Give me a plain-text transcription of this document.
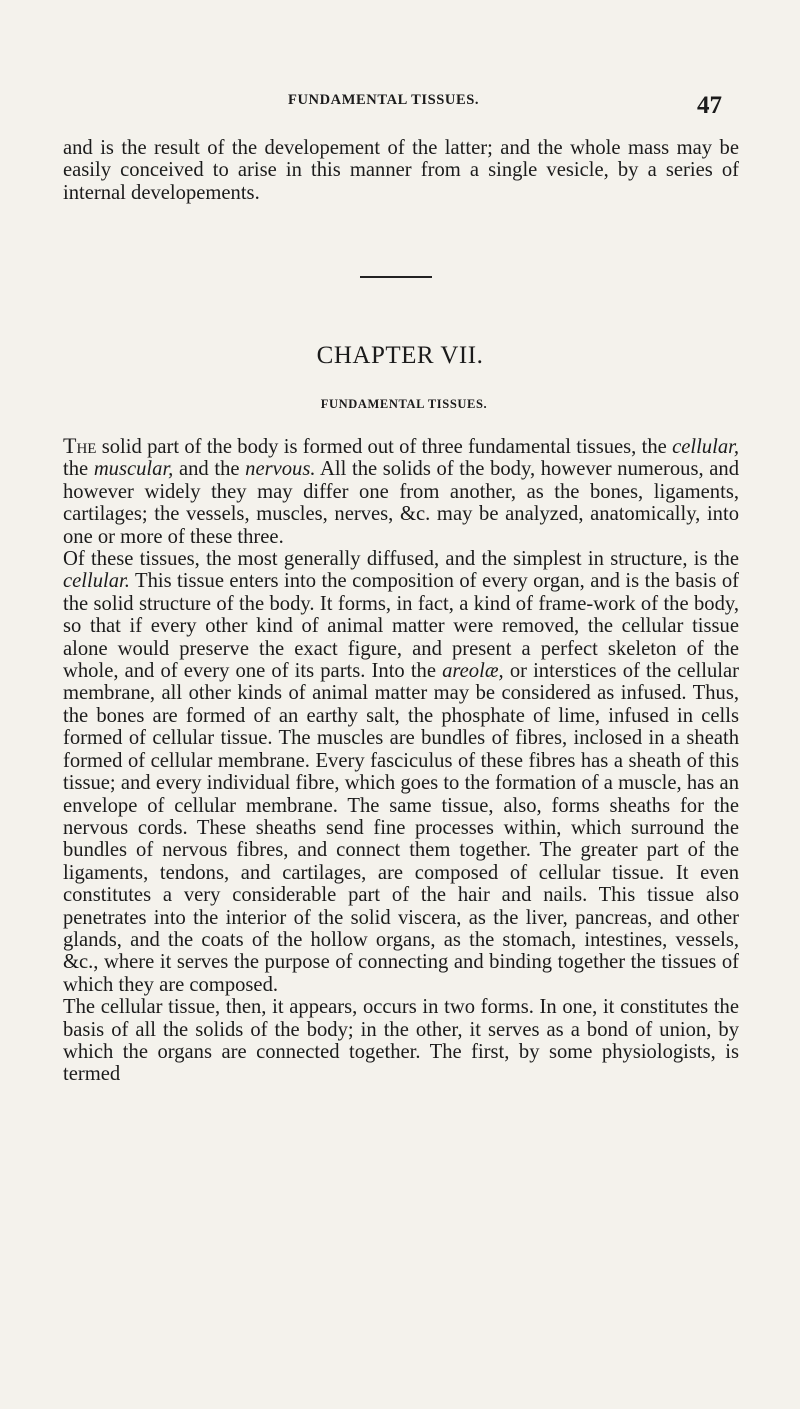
FUNDAMENTAL TISSUES.	47

and is the result of the developement of the latter; and the whole mass may be easily conceived to arise in this manner from a single vesicle, by a series of internal developements.

CHAPTER VII.
FUNDAMENTAL TISSUES.

The solid part of the body is formed out of three fundamental tissues, the cellular, the muscular, and the nervous. All the solids of the body, however numerous, and however widely they may differ one from another, as the bones, ligaments, cartilages; the vessels, muscles, nerves, &c. may be analyzed, anatomically, into one or more of these three.

Of these tissues, the most generally diffused, and the simplest in structure, is the cellular. This tissue enters into the composition of every organ, and is the basis of the solid structure of the body. It forms, in fact, a kind of frame-work of the body, so that if every other kind of animal matter were removed, the cellular tissue alone would preserve the exact figure, and present a perfect skeleton of the whole, and of every one of its parts. Into the areolæ, or interstices of the cellular membrane, all other kinds of animal matter may be considered as infused. Thus, the bones are formed of an earthy salt, the phosphate of lime, infused in cells formed of cellular tissue. The muscles are bundles of fibres, inclosed in a sheath formed of cellular membrane. Every fasciculus of these fibres has a sheath of this tissue; and every individual fibre, which goes to the formation of a muscle, has an envelope of cellular membrane. The same tissue, also, forms sheaths for the nervous cords. These sheaths send fine processes within, which surround the bundles of nervous fibres, and connect them together. The greater part of the ligaments, tendons, and cartilages, are composed of cellular tissue. It even constitutes a very considerable part of the hair and nails. This tissue also penetrates into the interior of the solid viscera, as the liver, pancreas, and other glands, and the coats of the hollow organs, as the stomach, intestines, vessels, &c., where it serves the purpose of connecting and binding together the tissues of which they are composed.

The cellular tissue, then, it appears, occurs in two forms. In one, it constitutes the basis of all the solids of the body; in the other, it serves as a bond of union, by which the organs are connected together. The first, by some physiologists, is termed
